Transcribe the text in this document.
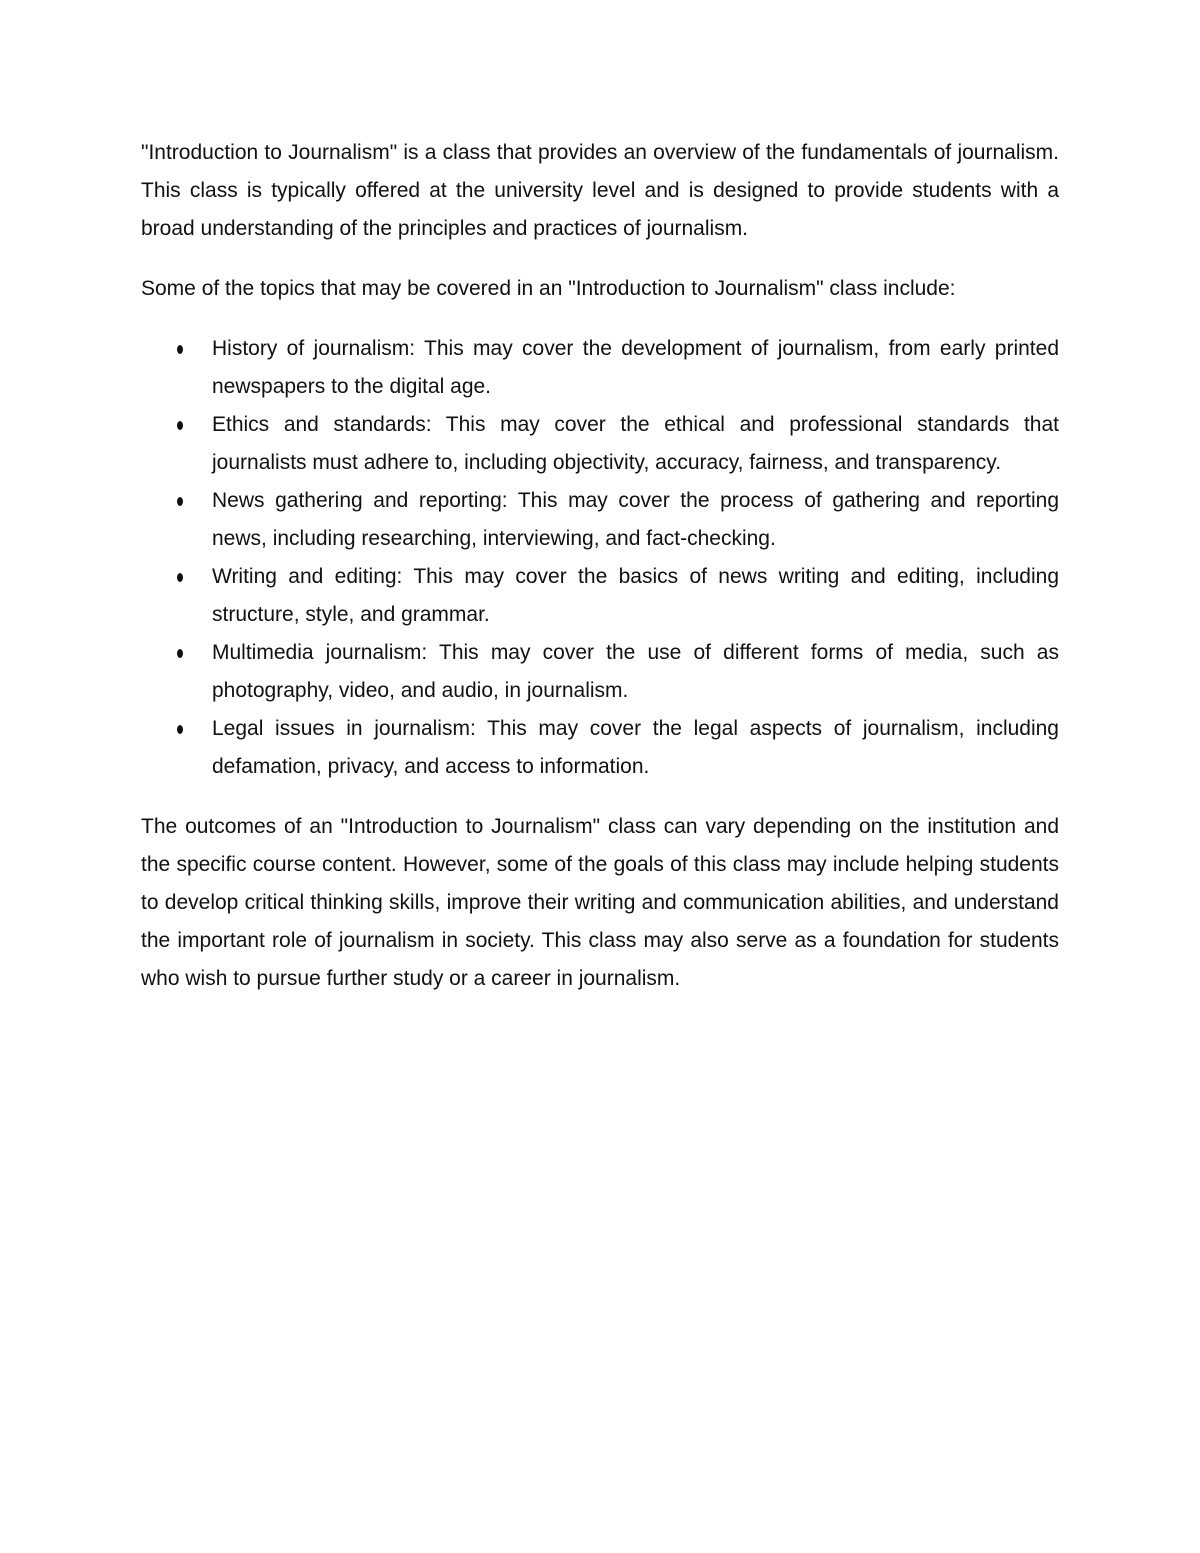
"Introduction to Journalism" is a class that provides an overview of the fundamentals of journalism. This class is typically offered at the university level and is designed to provide students with a broad understanding of the principles and practices of journalism.

Some of the topics that may be covered in an "Introduction to Journalism" class include:

History of journalism: This may cover the development of journalism, from early printed newspapers to the digital age.
Ethics and standards: This may cover the ethical and professional standards that journalists must adhere to, including objectivity, accuracy, fairness, and transparency.
News gathering and reporting: This may cover the process of gathering and reporting news, including researching, interviewing, and fact-checking.
Writing and editing: This may cover the basics of news writing and editing, including structure, style, and grammar.
Multimedia journalism: This may cover the use of different forms of media, such as photography, video, and audio, in journalism.
Legal issues in journalism: This may cover the legal aspects of journalism, including defamation, privacy, and access to information.

The outcomes of an "Introduction to Journalism" class can vary depending on the institution and the specific course content. However, some of the goals of this class may include helping students to develop critical thinking skills, improve their writing and communication abilities, and understand the important role of journalism in society. This class may also serve as a foundation for students who wish to pursue further study or a career in journalism.
